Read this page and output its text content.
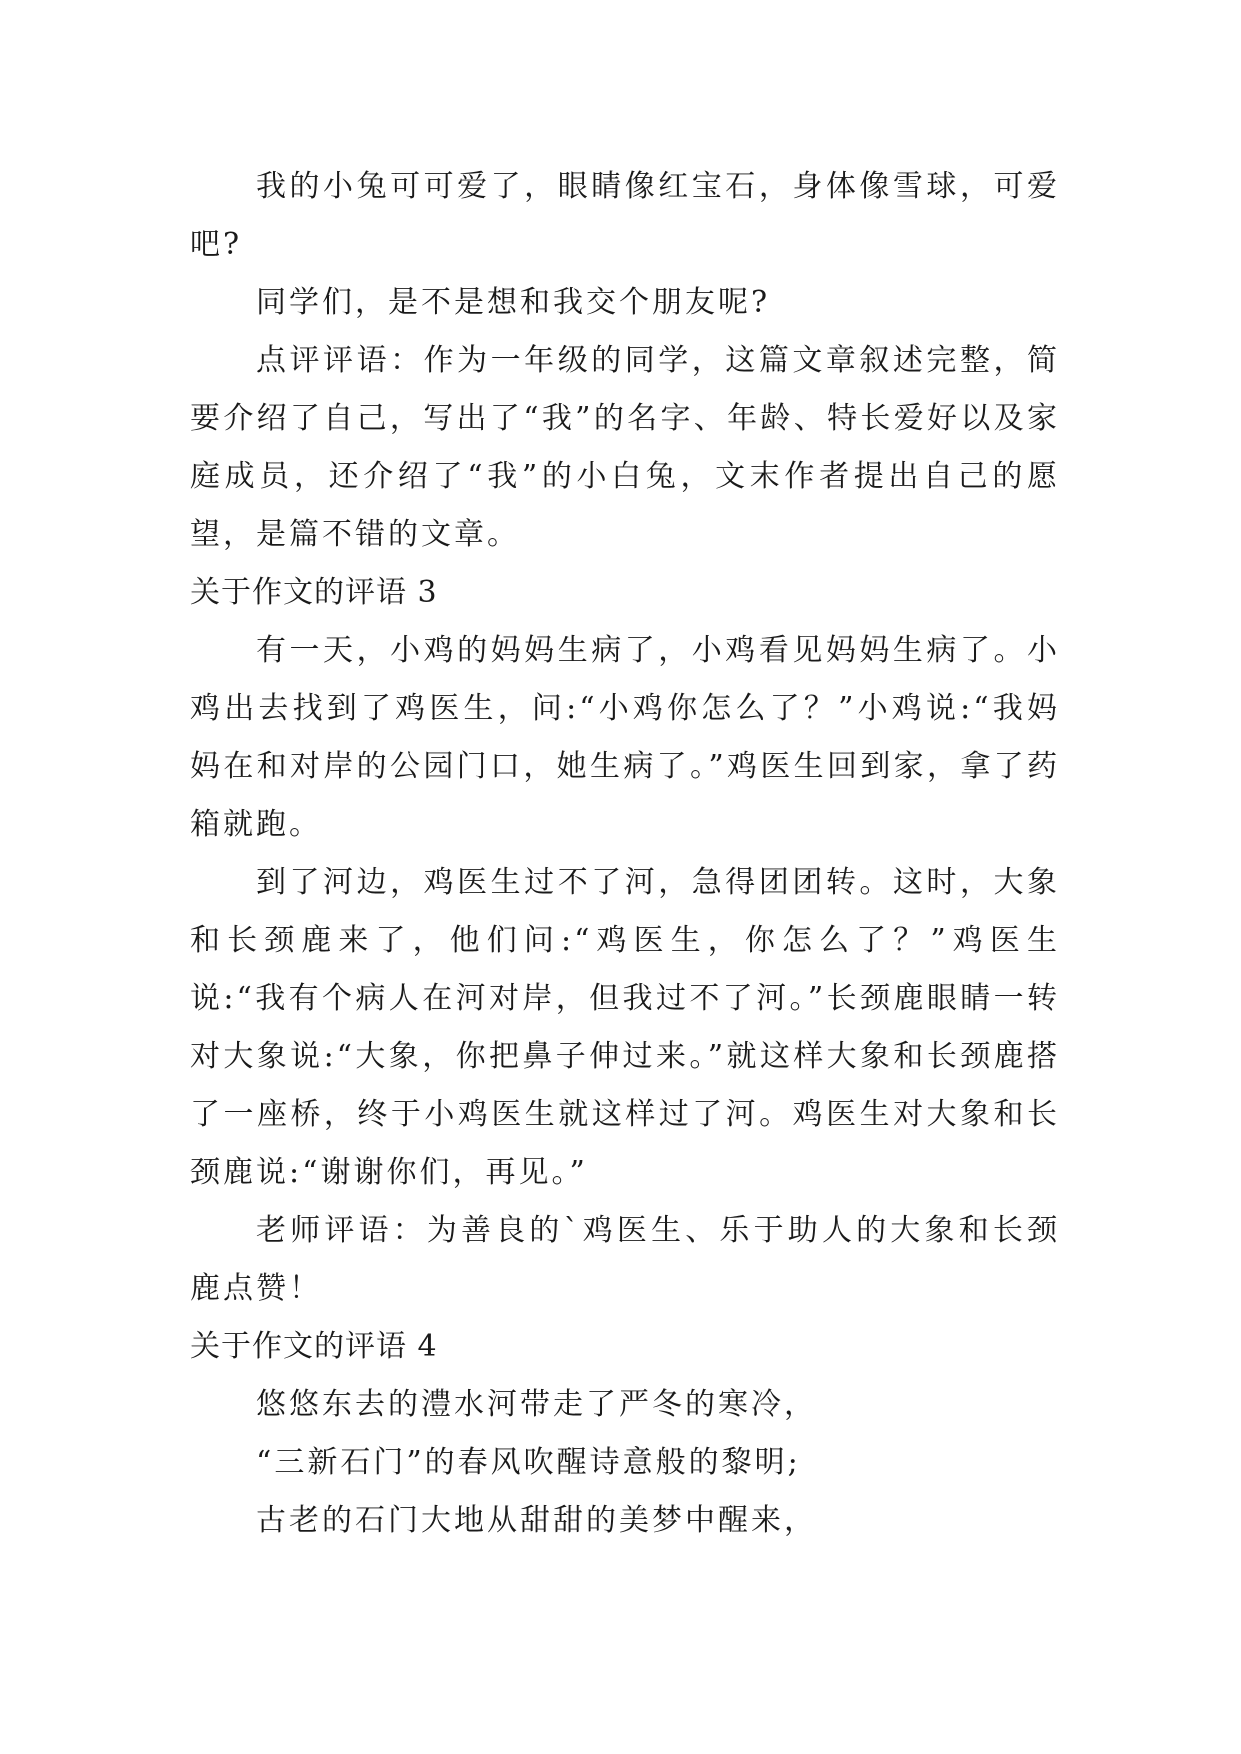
我的小兔可可爱了，眼睛像红宝石，身体像雪球，可爱吧?

同学们，是不是想和我交个朋友呢?

点评评语：作为一年级的同学，这篇文章叙述完整，简要介绍了自己，写出了“我”的名字、年龄、特长爱好以及家庭成员，还介绍了“我”的小白兔，文末作者提出自己的愿望，是篇不错的文章。

关于作文的评语 3

有一天，小鸡的妈妈生病了，小鸡看见妈妈生病了。小鸡出去找到了鸡医生，问:“小鸡你怎么了？”小鸡说:“我妈妈在和对岸的公园门口，她生病了。”鸡医生回到家，拿了药箱就跑。

到了河边，鸡医生过不了河，急得团团转。这时，大象和长颈鹿来了，他们问:“鸡医生，你怎么了？”鸡医生说:“我有个病人在河对岸，但我过不了河。”长颈鹿眼睛一转对大象说:“大象，你把鼻子伸过来。”就这样大象和长颈鹿搭了一座桥，终于小鸡医生就这样过了河。鸡医生对大象和长颈鹿说:“谢谢你们，再见。”

老师评语：为善良的`鸡医生、乐于助人的大象和长颈鹿点赞！

关于作文的评语 4

悠悠东去的澧水河带走了严冬的寒冷，

“三新石门”的春风吹醒诗意般的黎明;

古老的石门大地从甜甜的美梦中醒来，
